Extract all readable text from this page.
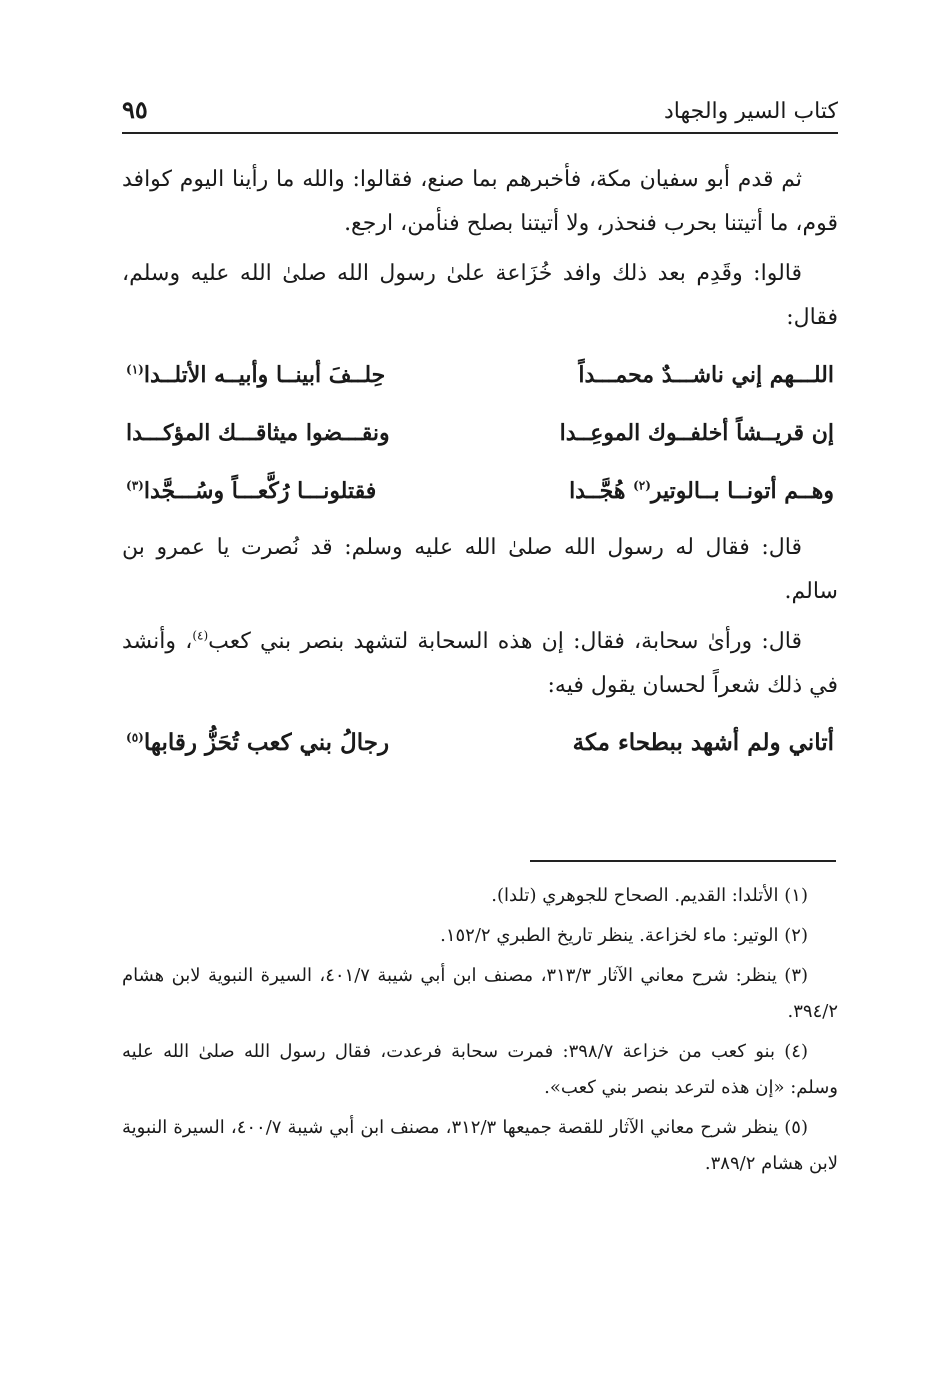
كتاب السير والجهاد
٩٥

ثم قدم أبو سفيان مكة، فأخبرهم بما صنع، فقالوا: والله ما رأينا اليوم كوافد قوم، ما أتيتنا بحرب فنحذر، ولا أتيتنا بصلح فنأمن، ارجع.

قالوا: وقَدِم بعد ذلك وافد خُزَاعة علىٰ رسول الله صلىٰ الله عليه وسلم، فقال:

اللـــهم إني ناشـــدٌ محمـــداً
حِلــفَ أبينــا وأبيــه الأتلــدا$^{(١)}$
إن قريــشاً أخلفــوك الموعِــدا
ونقـــضوا ميثاقـــك المؤكـــدا
وهــم أتونــا بــالوتير$^{(٢)}$ هُجَّــدا
فقتلونـــا رُكَّعـــاً وسُـــجَّدا$^{(٣)}$

قال: فقال له رسول الله صلىٰ الله عليه وسلم: قد نُصرت يا عمرو بن سالم.

قال: ورأىٰ سحابة، فقال: إن هذه السحابة لتشهد بنصر بني كعب$^{(٤)}$، وأنشد في ذلك شعراً لحسان يقول فيه:

أتاني ولم أشهد ببطحاء مكة
رجالُ بني كعب تُحَزُّ رقابها$^{(٥)}$

(١) الأتلدا: القديم. الصحاح للجوهري (تلدا).

(٢) الوتير: ماء لخزاعة. ينظر تاريخ الطبري ١٥٢/٢.

(٣) ينظر: شرح معاني الآثار ٣١٣/٣، مصنف ابن أبي شيبة ٤٠١/٧، السيرة النبوية لابن هشام ٣٩٤/٢.

(٤) بنو كعب من خزاعة ٣٩٨/٧: فمرت سحابة فرعدت، فقال رسول الله صلىٰ الله عليه وسلم: «إن هذه لترعد بنصر بني كعب».

(٥) ينظر شرح معاني الآثار للقصة جميعها ٣١٢/٣، مصنف ابن أبي شيبة ٤٠٠/٧، السيرة النبوية لابن هشام ٣٨٩/٢.
